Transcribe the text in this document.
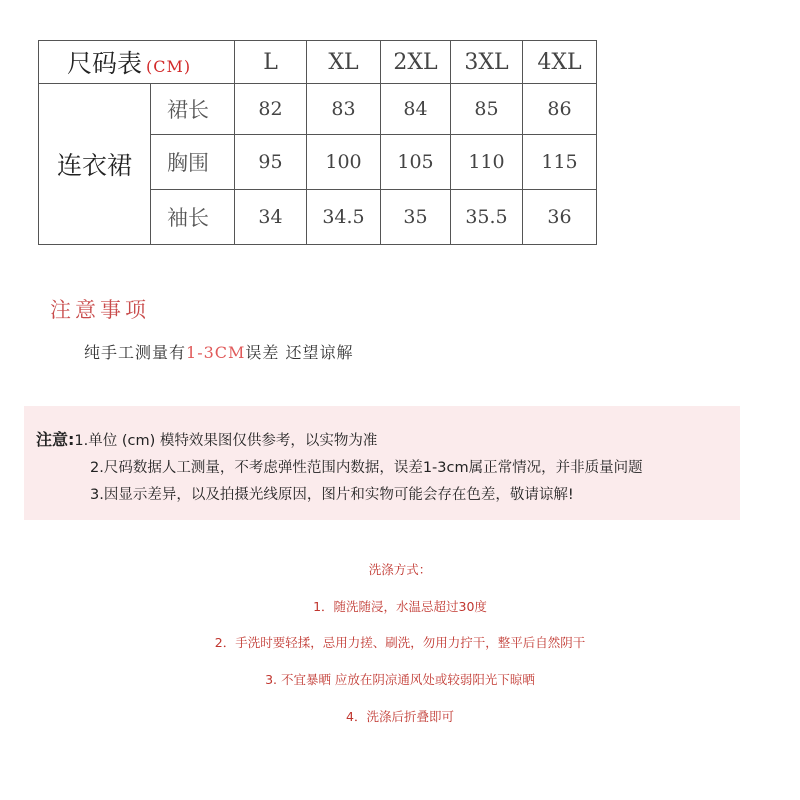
尺码表 (CM)		L	XL	2XL	3XL	4XL
连衣裙	裙长	82	83	84	85	86
	胸围	95	100	105	110	115
	袖长	34	34.5	35	35.5	36
注意事项

纯手工测量有1-3CM误差 还望谅解

注意:1.单位 (cm) 模特效果图仅供参考，以实物为准

2.尺码数据人工测量，不考虑弹性范围内数据，误差1-3cm属正常情况，并非质量问题

3.因显示差异，以及拍摄光线原因，图片和实物可能会存在色差，敬请谅解!

洗涤方式：

1．随洗随浸，水温忌超过30度

2．手洗时要轻揉，忌用力搓、刷洗，勿用力拧干，整平后自然阴干

3. 不宜暴晒 应放在阴凉通风处或较弱阳光下晾晒

4．洗涤后折叠即可
